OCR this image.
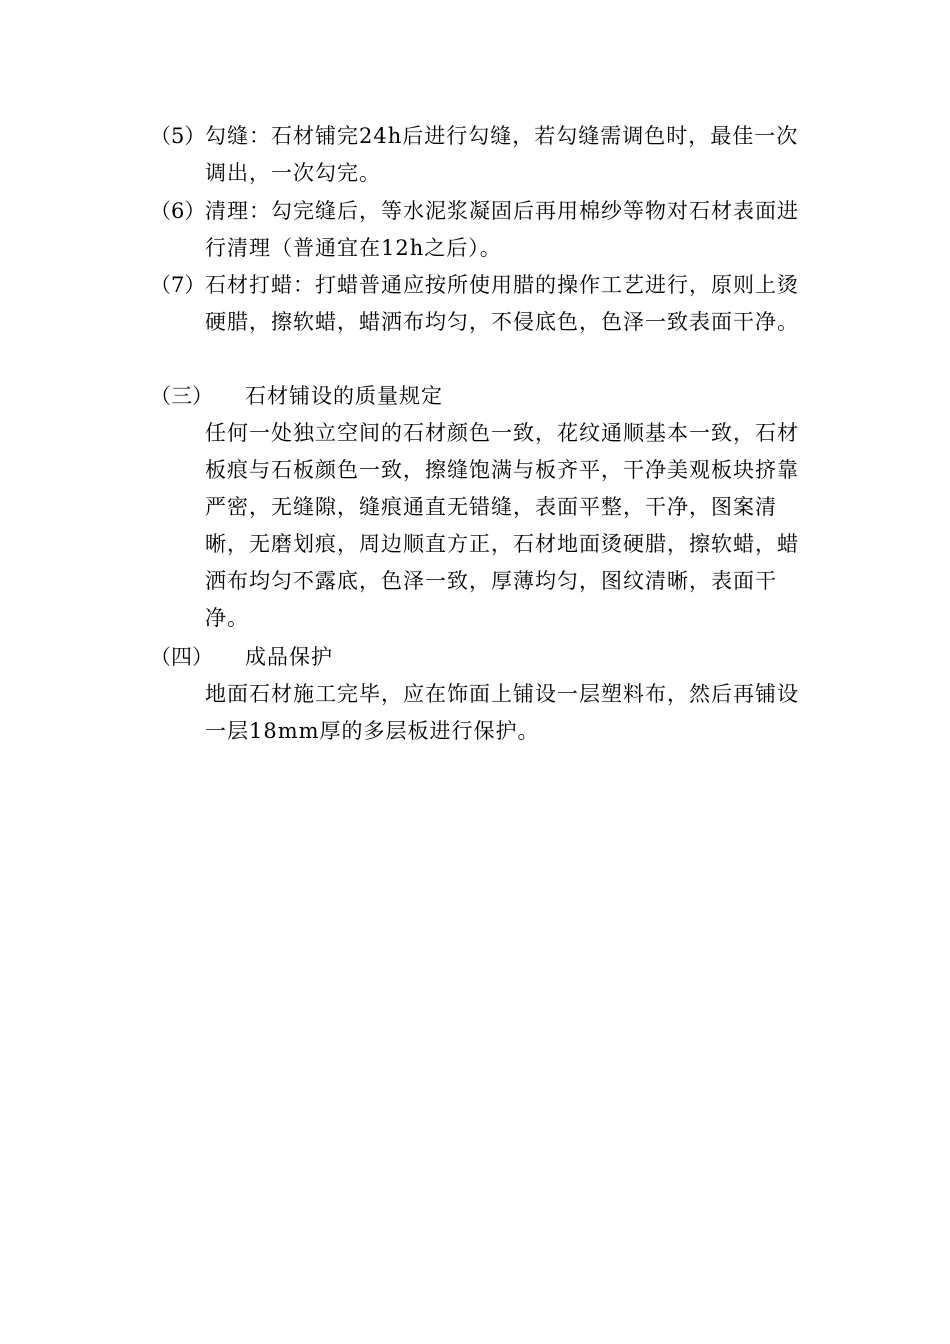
（5） 勾缝：石材铺完24h后进行勾缝，若勾缝需调色时，最佳一次调出，一次勾完。
（6） 清理：勾完缝后，等水泥浆凝固后再用棉纱等物对石材表面进行清理（普通宜在12h之后）。
（7） 石材打蜡：打蜡普通应按所使用腊的操作工艺进行，原则上烫硬腊，擦软蜡，蜡洒布均匀，不侵底色，色泽一致表面干净。
（三） 石材铺设的质量规定
任何一处独立空间的石材颜色一致，花纹通顺基本一致，石材板痕与石板颜色一致，擦缝饱满与板齐平，干净美观板块挤靠严密，无缝隙，缝痕通直无错缝，表面平整，干净，图案清晰，无磨划痕，周边顺直方正，石材地面烫硬腊，擦软蜡，蜡洒布均匀不露底，色泽一致，厚薄均匀，图纹清晰，表面干净。
（四） 成品保护
地面石材施工完毕，应在饰面上铺设一层塑料布，然后再铺设一层18mm厚的多层板进行保护。
